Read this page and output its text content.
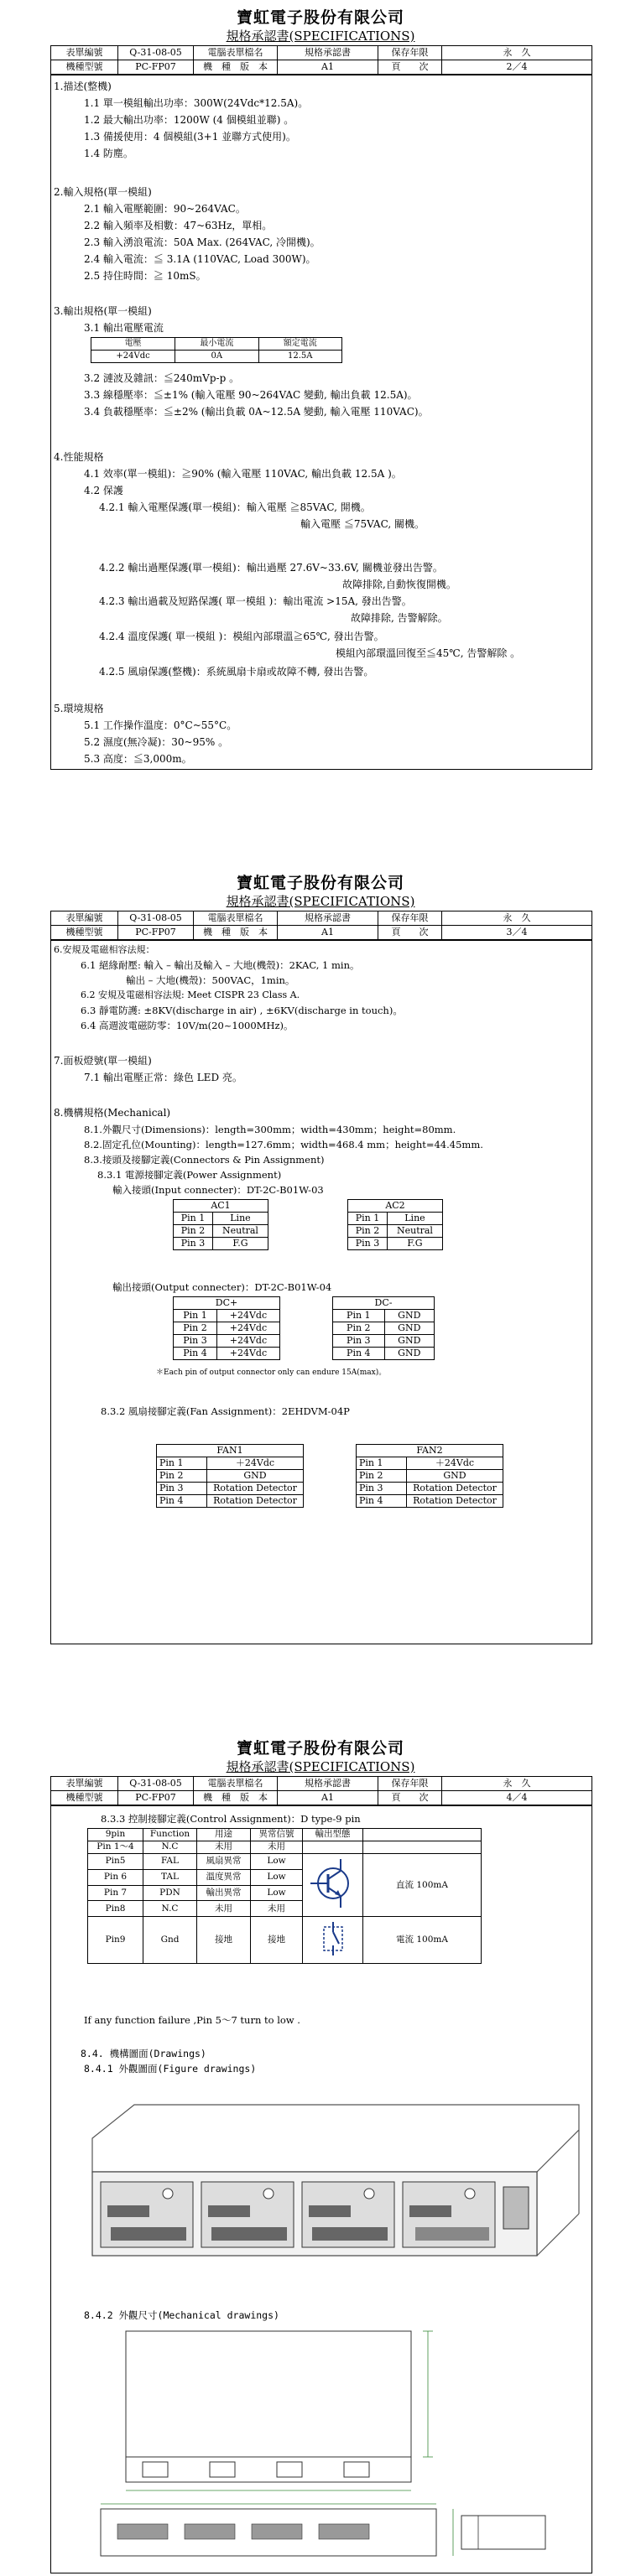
寶虹電子股份有限公司
規格承認書(SPECIFICATIONS)
表單編號	Q-31-08-05	電腦表單檔名	規格承認書	保存年限	永　久
機種型號	PC-FP07	機　種　版　本	A1	頁　　次	2／4
1.描述(整機)
1.1 單一模組輸出功率：300W(24Vdc*12.5A)。
1.2 最大輸出功率：1200W (4 個模組並聯) 。
1.3 備援使用：4 個模組(3+1 並聯方式使用)。
1.4 防塵。
2.輸入規格(單一模組)
2.1 輸入電壓範圍：90~264VAC。
2.2 輸入頻率及相數：47~63Hz，單相。
2.3 輸入湧浪電流：50A Max. (264VAC, 冷開機)。
2.4 輸入電流：≦ 3.1A (110VAC, Load 300W)。
2.5 持住時間：≧ 10mS。
3.輸出規格(單一模組)
3.1 輸出電壓電流
電壓	最小電流	額定電流
+24Vdc	0A	12.5A
3.2 漣波及雜訊：≦240mVp-p 。
3.3 線穩壓率：≦±1% (輸入電壓 90~264VAC 變動, 輸出負載 12.5A)。
3.4 負載穩壓率：≦±2% (輸出負載 0A~12.5A 變動, 輸入電壓 110VAC)。
4.性能規格
4.1 效率(單一模組)：≧90% (輸入電壓 110VAC, 輸出負載 12.5A )。
4.2 保護
4.2.1 輸入電壓保護(單一模組)：輸入電壓 ≧85VAC, 開機。
輸入電壓 ≦75VAC, 關機。
4.2.2 輸出過壓保護(單一模組)：輸出過壓 27.6V~33.6V, 關機並發出告警。
故障排除,自動恢復開機。
4.2.3 輸出過載及短路保護( 單一模組 )：輸出電流 >15A, 發出告警。
故障排除, 告警解除。
4.2.4 溫度保護( 單一模組 )：模組內部環溫≧65℃, 發出告警。
模組內部環溫回復至≦45℃, 告警解除 。
4.2.5 風扇保護(整機)：系統風扇卡扇或故障不轉, 發出告警。
5.環境規格
5.1 工作操作溫度：0°C~55°C。
5.2 濕度(無冷凝)：30~95% 。
5.3 高度：≦3,000m。
寶虹電子股份有限公司
規格承認書(SPECIFICATIONS)
表單編號	Q-31-08-05	電腦表單檔名	規格承認書	保存年限	永　久
機種型號	PC-FP07	機　種　版　本	A1	頁　　次	3／4
6.安規及電磁相容法規：
6.1 絕緣耐壓: 輸入 – 輸出及輸入 – 大地(機殼)：2KAC, 1 min。
輸出 – 大地(機殼)：500VAC，1min。
6.2 安規及電磁相容法規: Meet CISPR 23 Class A.
6.3 靜電防護: ±8KV(discharge in air) , ±6KV(discharge in touch)。
6.4 高週波電磁防零：10V/m(20~1000MHz)。
7.面板燈號(單一模組)
7.1 輸出電壓正常：綠色 LED 亮。
8.機構規格(Mechanical)
8.1.外觀尺寸(Dimensions)：length=300mm；width=430mm；height=80mm.
8.2.固定孔位(Mounting)：length=127.6mm；width=468.4 mm；height=44.45mm.
8.3.接頭及接腳定義(Connectors & Pin Assignment)
8.3.1 電源接腳定義(Power Assignment)
輸入接頭(Input connecter)：DT-2C-B01W-03
AC1	
Pin 1	Line
Pin 2	Neutral
Pin 3	F.G
AC2	
Pin 1	Line
Pin 2	Neutral
Pin 3	F.G
輸出接頭(Output connecter)：DT-2C-B01W-04
DC+	
Pin 1	+24Vdc
Pin 2	+24Vdc
Pin 3	+24Vdc
Pin 4	+24Vdc
DC-	
Pin 1	GND
Pin 2	GND
Pin 3	GND
Pin 4	GND
＊Each pin of output connector only can endure 15A(max)。
8.3.2 風扇接腳定義(Fan Assignment)：2EHDVM-04P
FAN1	
Pin 1	＋24Vdc
Pin 2	GND
Pin 3	Rotation Detector
Pin 4	Rotation Detector
FAN2	
Pin 1	＋24Vdc
Pin 2	GND
Pin 3	Rotation Detector
Pin 4	Rotation Detector
寶虹電子股份有限公司
規格承認書(SPECIFICATIONS)
表單編號	Q-31-08-05	電腦表單檔名	規格承認書	保存年限	永　久
機種型號	PC-FP07	機　種　版　本	A1	頁　　次	4／4
8.3.3 控制接腳定義(Control Assignment)：D type-9 pin
9pin	Function	用途	異常信號	輸出型態	
Pin 1～4	N.C	未用	未用		
Pin5	FAL	風扇異常	Low		直流 100mA
Pin 6	TAL	溫度異常	Low		
Pin 7	PDN	輸出異常	Low		
Pin8	N.C	未用	未用		
Pin9	Gnd	接地	接地		電流 100mA
If any function failure ,Pin 5～7 turn to low .
8.4. 機構圖面(Drawings)
8.4.1 外觀圖面(Figure drawings)
8.4.2 外觀尺寸(Mechanical drawings)
